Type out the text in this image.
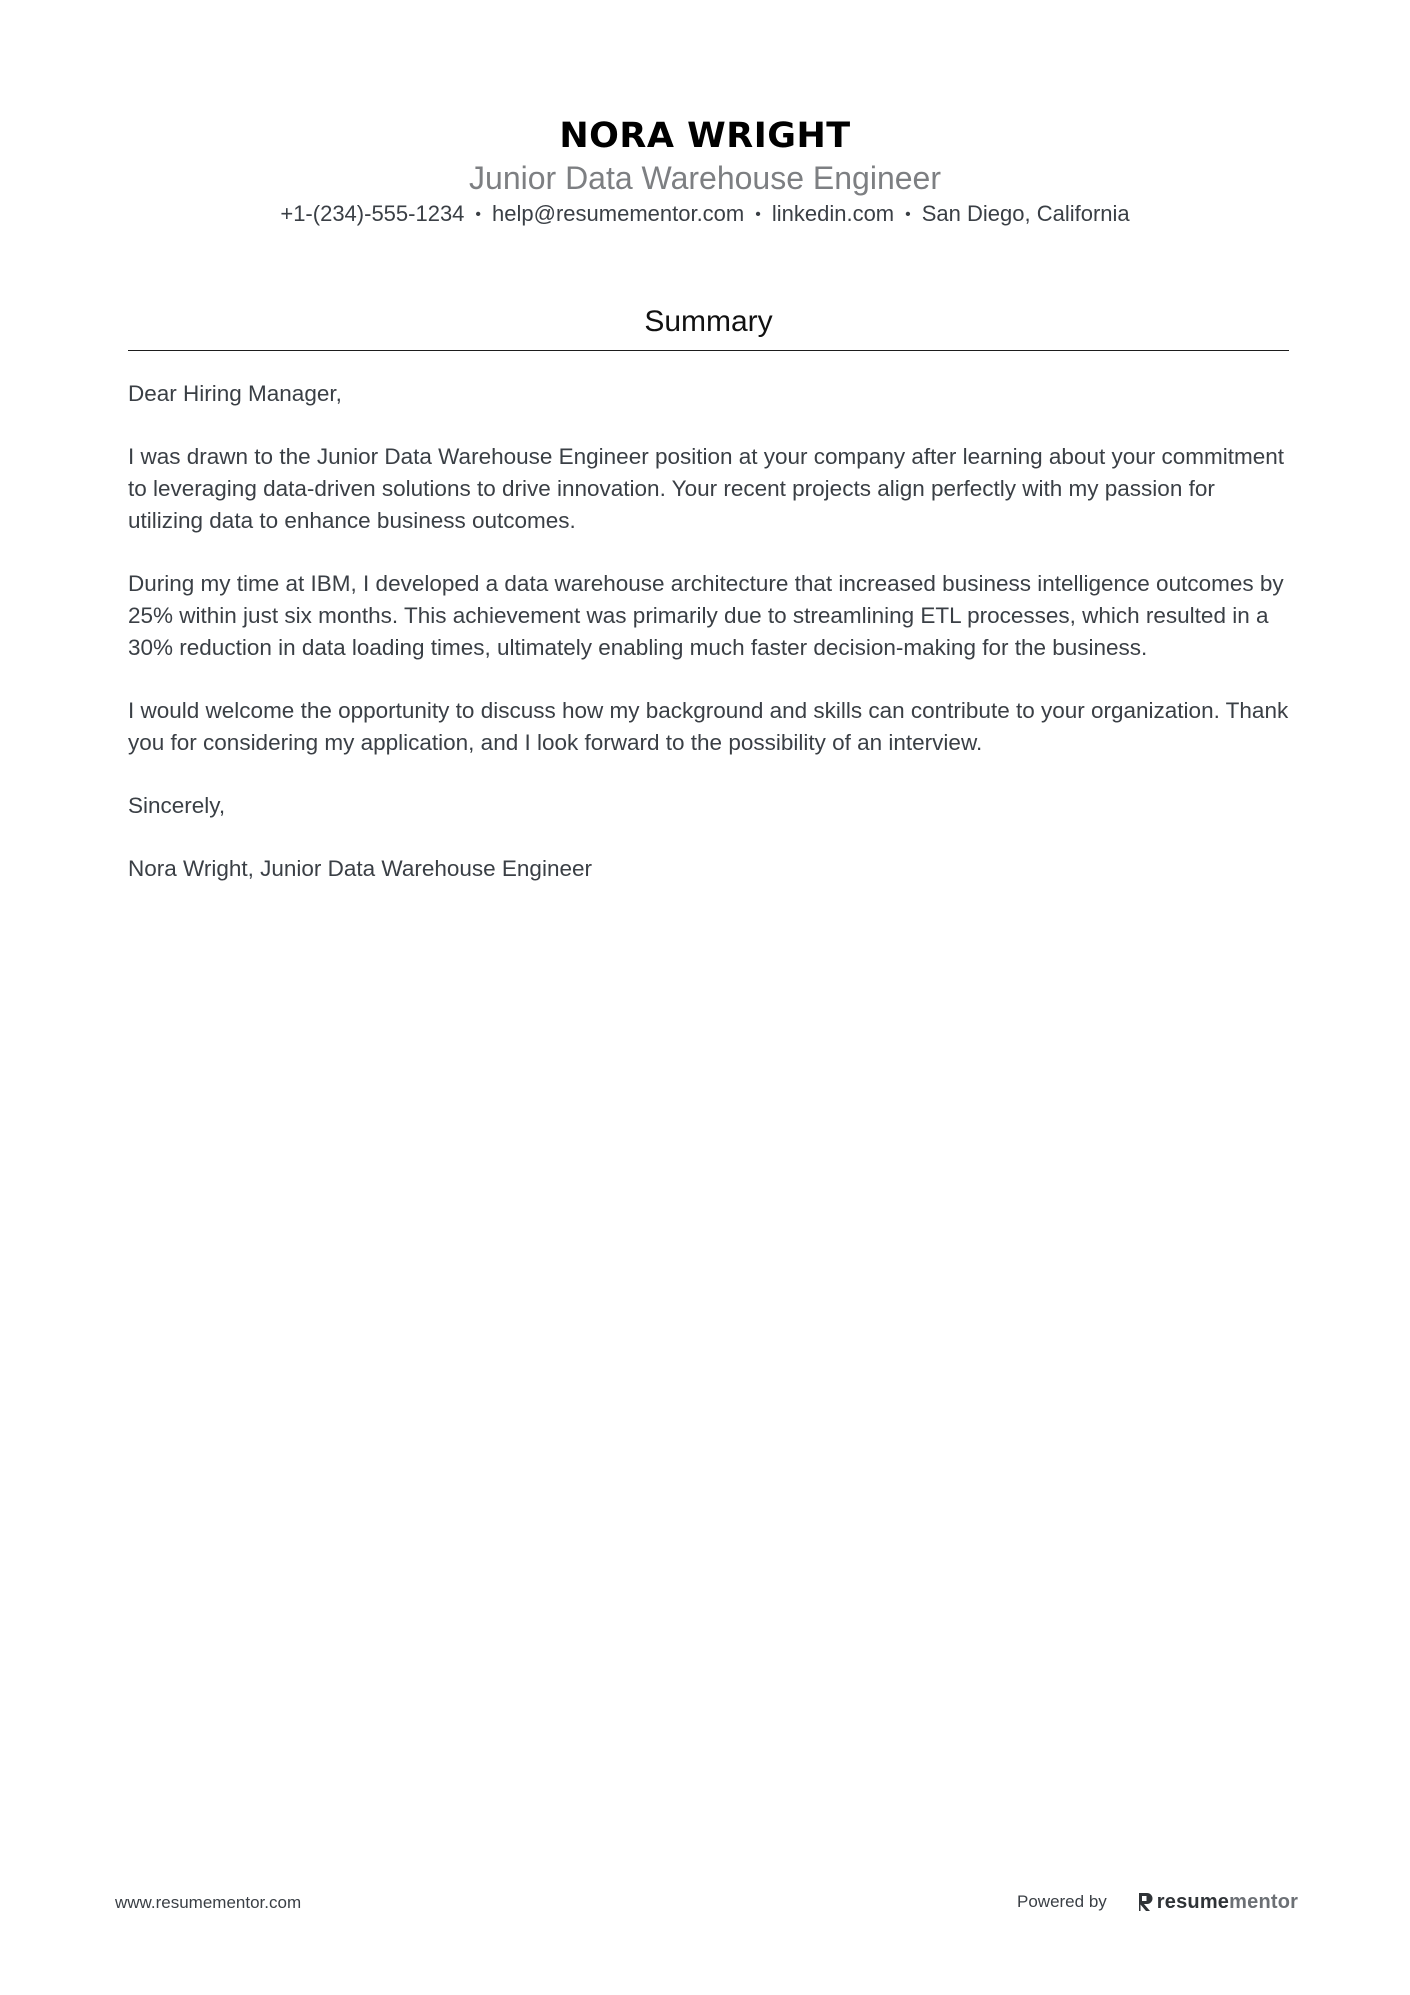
NORA WRIGHT
Junior Data Warehouse Engineer
+1-(234)-555-1234 • help@resumementor.com • linkedin.com • San Diego, California
Summary

Dear Hiring Manager,

I was drawn to the Junior Data Warehouse Engineer position at your company after learning about your commitment to leveraging data-driven solutions to drive innovation. Your recent projects align perfectly with my passion for utilizing data to enhance business outcomes.

During my time at IBM, I developed a data warehouse architecture that increased business intelligence outcomes by 25% within just six months. This achievement was primarily due to streamlining ETL processes, which resulted in a 30% reduction in data loading times, ultimately enabling much faster decision-making for the business.

I would welcome the opportunity to discuss how my background and skills can contribute to your organization. Thank you for considering my application, and I look forward to the possibility of an interview.

Sincerely,

Nora Wright, Junior Data Warehouse Engineer

www.resumementor.com	Powered by	resumementor
